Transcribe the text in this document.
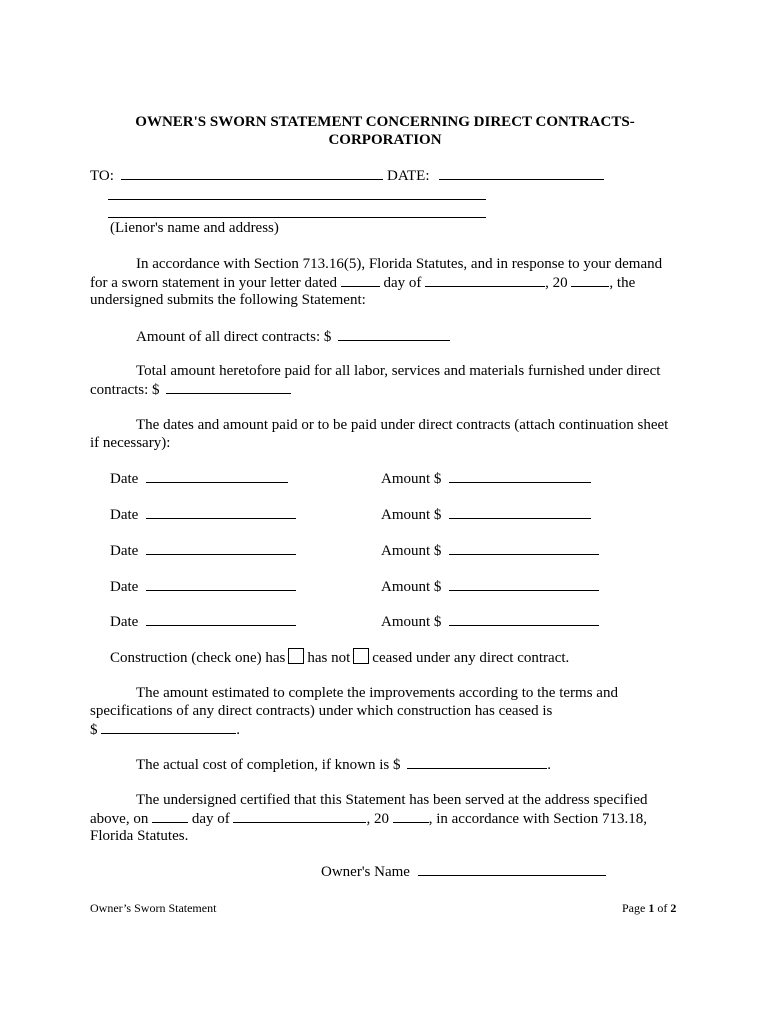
OWNER'S SWORN STATEMENT CONCERNING DIRECT CONTRACTS-
CORPORATION
TO:	DATE:
(Lienor's name and address)
In accordance with Section 713.16(5), Florida Statutes, and in response to your demand
for a sworn statement in your letter dated	day of	, 20	, the
undersigned submits the following Statement:
Amount of all direct contracts: $
Total amount heretofore paid for all labor, services and materials furnished under direct
contracts: $
The dates and amount paid or to be paid under direct contracts (attach continuation sheet
if necessary):
Date	Amount $
Date	Amount $
Date	Amount $
Date	Amount $
Date	Amount $
Construction (check one) has has not ceased under any direct contract.
The amount estimated to complete the improvements according to the terms and
specifications of any direct contracts) under which construction has ceased is
$	.
The actual cost of completion, if known is $	.
The undersigned certified that this Statement has been served at the address specified
above, on	day of	, 20	, in accordance with Section 713.18,
Florida Statutes.
Owner's Name
Owner’s Sworn Statement	Page 1 of 2
